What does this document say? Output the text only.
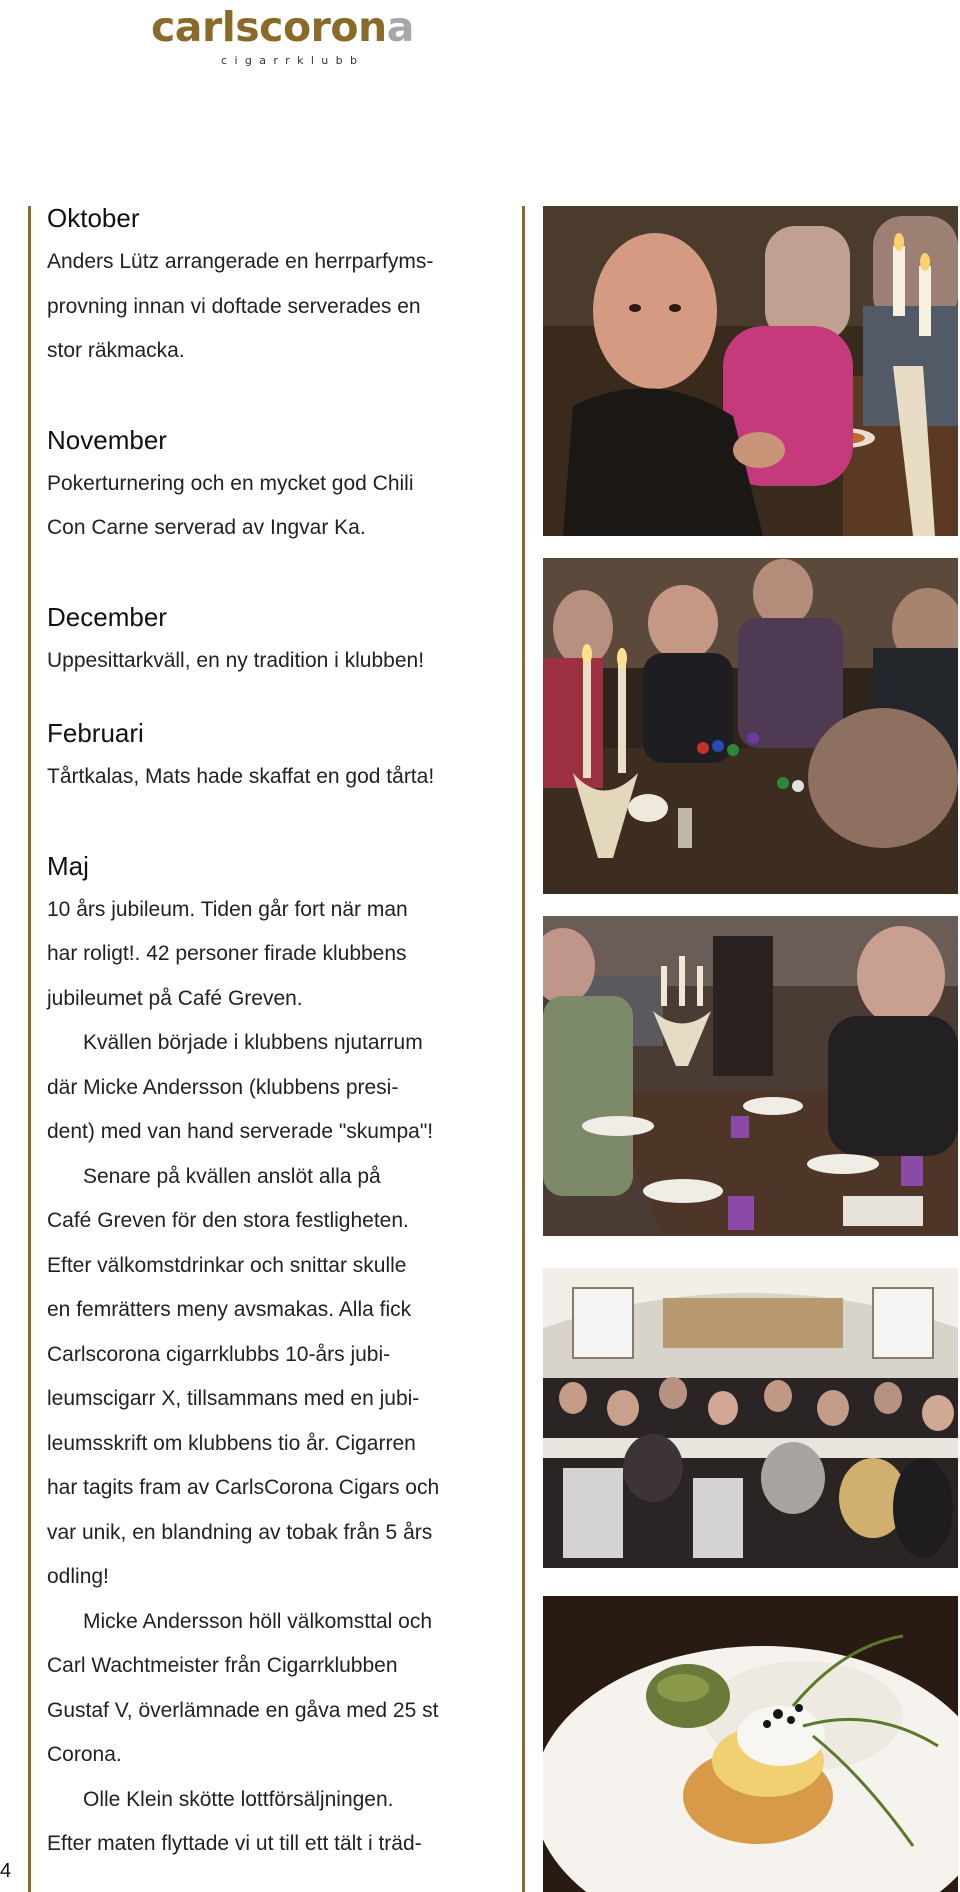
carlscorona
cigarrklubb
4
Oktober

Anders Lütz arrangerade en herrparfyms-

provning innan vi doftade serverades en

stor räkmacka.

November

Pokerturnering och en mycket god Chili

Con Carne serverad av Ingvar Ka.

December

Uppesittarkväll, en ny tradition i klubben!

Februari

Tårtkalas, Mats hade skaffat en god tårta!

Maj

10 års jubileum. Tiden går fort när man

har roligt!. 42 personer firade klubbens

jubileumet på Café Greven.

Kvällen började i klubbens njutarrum

där Micke Andersson (klubbens presi-

dent) med van hand serverade "skumpa"!

Senare på kvällen anslöt alla på

Café Greven för den stora festligheten.

Efter välkomstdrinkar och snittar skulle

en femrätters meny avsmakas. Alla fick

Carlscorona cigarrklubbs 10-års jubi-

leumscigarr X, tillsammans med en jubi-

leumsskrift om klubbens tio år. Cigarren

har tagits fram av CarlsCorona Cigars och

var unik, en blandning av tobak från 5 års

odling!

Micke Andersson höll välkomsttal och

Carl Wachtmeister från Cigarrklubben

Gustaf V, överlämnade en gåva med 25 st

Corona.

Olle Klein skötte lottförsäljningen.

Efter maten flyttade vi ut till ett tält i träd-
